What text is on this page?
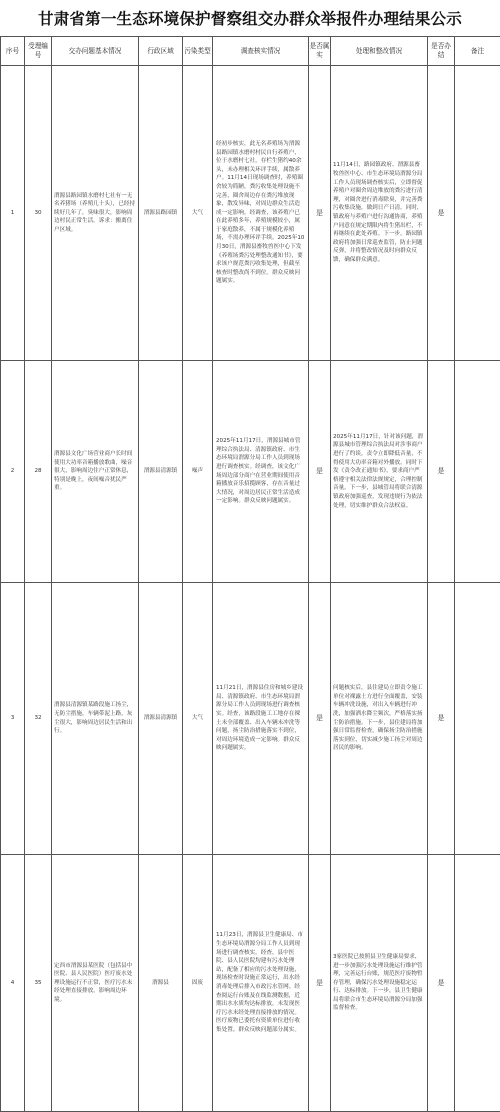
甘肃省第一生态环境保护督察组交办群众举报件办理结果公示
序号	受理编号	交办问题基本情况	行政区域	污染类型	调查核实情况	是否属实	处理和整改情况	是否办结	备注
1	30	渭源县路园镇水磨村七社有一无名养猪场（养殖几十头），已经持续好几年了，臭味很大，影响周边村民正常生活。诉求：搬离住户区域。	渭源县路园镇	大气	经初步核实，此无名养殖场为渭源县路园镇水磨村村民自行养殖户，位于水磨村七社，存栏生猪约40余头，未办理相关环评手续，属散养户。11月14日现场调查时，养殖圈舍较为简陋，粪污收集处理设施不完善，圈舍周边存在粪污堆放现象，散发异味，对周边群众生活造成一定影响。经调查，该养殖户已在此养殖多年，养殖规模较小，属于家庭散养，不属于规模化养殖场，不需办理环评手续。2025年10月30日，渭源县畜牧兽医中心下发《养殖场粪污处理整改通知书》，要求该户规范粪污收集处理，但截至核查时整改尚不到位。群众反映问题属实。	是	11月14日，路园镇政府、渭源县畜牧兽医中心、市生态环境局渭源分局工作人员现场调查核实后，立即督促养殖户对圈舍周边堆放的粪污进行清理，对圈舍进行消毒除臭，并完善粪污收集设施，做到日产日清。同时，镇政府与养殖户进行沟通协商，养殖户同意在规定期限内将生猪出栏，不再继续在此处养殖。下一步，路园镇政府将加强日常巡查监管，防止问题反弹，并将整改情况及时向群众反馈，确保群众满意。	是	
2	28	渭源县文化广场营业商户长时间使用大功率音箱播放歌曲，噪音很大，影响周边住户正常休息，特别是晚上，夜间噪音扰民严重。	渭源县清源镇	噪声	2025年11月17日，渭源县城市管理综合执法局、清源镇政府、市生态环境局渭源分局工作人员到现场进行调查核实。经调查，该文化广场周边部分商户在营业期间使用音箱播放音乐招揽顾客，存在音量过大情况，对周边居民正常生活造成一定影响。群众反映问题属实。	是	2025年11月17日，针对该问题，渭源县城市管理综合执法局对涉事商户进行了约谈，责令立即降低音量，不得使用大功率音箱对外播放。同时下发《责令改正通知书》，要求商户严格遵守相关法律法规规定，合理控制音量。下一步，县城管局将联合清源镇政府加强巡查，发现违规行为依法处理，切实维护群众合法权益。	是	
3	32	渭源县清源镇某路段施工扬尘，无防尘措施，车辆带泥上路，灰尘很大，影响周边居民生活和出行。	渭源县清源镇	大气	11月21日，渭源县住房和城乡建设局、清源镇政府、市生态环境局渭源分局工作人员到现场进行调查核实。经查，该路段施工工地存在裸土未全部覆盖、出入车辆未冲洗等问题，扬尘防治措施落实不到位，对周边环境造成一定影响。群众反映问题属实。	是	问题核实后，县住建局立即责令施工单位对裸露土方进行全面覆盖，安装车辆冲洗设施，对出入车辆进行冲洗，加强洒水降尘频次，严格落实扬尘防治措施。下一步，县住建局将加强日常监督检查，确保扬尘防治措施落实到位，切实减少施工扬尘对周边居民的影响。	是	
4	35	定西市渭源县某医院（包括县中医院、县人民医院）医疗废水处理设施运行不正常，医疗污水未经处理直接排放，影响周边环境。	渭源县	固废	11月23日，渭源县卫生健康局、市生态环境局渭源分局工作人员到现场进行调查核实。经查，县中医院、县人民医院均建有污水处理站，配备了相应的污水处理设施，现场检查时设施正常运行，出水经消毒处理后排入市政污水管网。经查阅运行台账及在线监测数据，近期出水水质均达标排放，未发现医疗污水未经处理直接排放的情况。医疗废物已委托有资质单位进行收集处置。群众反映问题部分属实。	是	3家医院已按照县卫生健康局要求，进一步加强污水处理设施运行维护管理，完善运行台账，规范医疗废物暂存管理，确保污水处理设施稳定运行、达标排放。下一步，县卫生健康局将联合市生态环境局渭源分局加强监督检查。	是	
